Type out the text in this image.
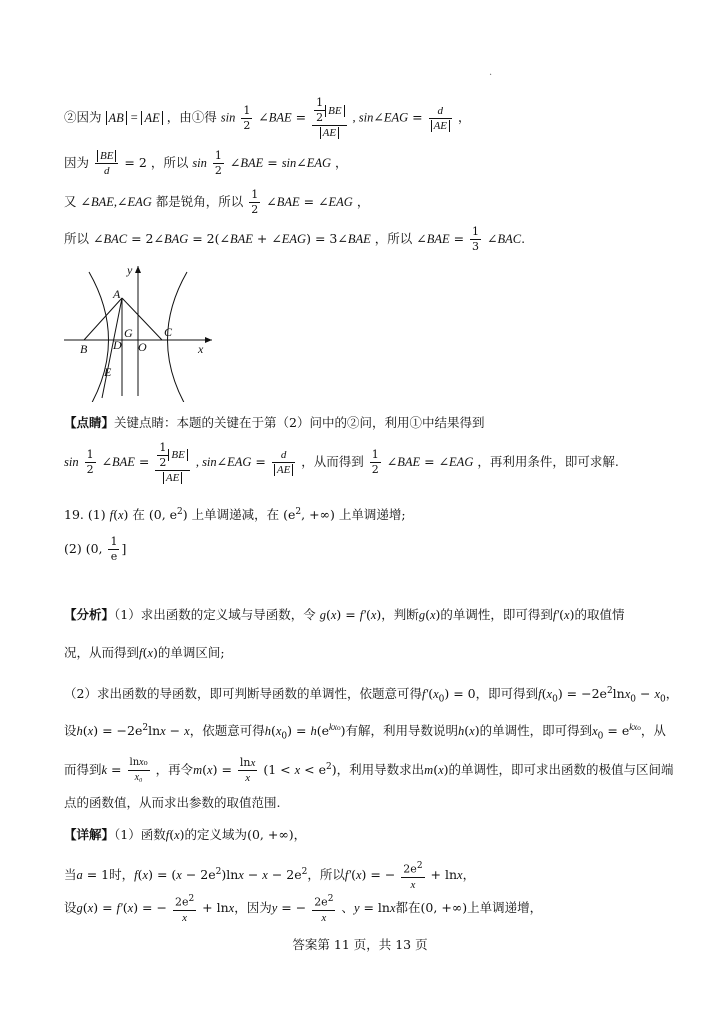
·
②因为 AB = AE ，由①得 $\sin \frac{1}{2}$ ∠BAE = $\frac{\frac{1}{2} BE}{AE}$ , sin∠EAG = $\frac{d}{AE}$ ，
因为 $\frac{BE}{d} = 2$ ，所以 $\sin \frac{1}{2}$ ∠BAE = sin∠EAG ，
又 ∠BAE,∠EAG 都是锐角，所以 $\frac{1}{2}$ ∠BAE = ∠EAG ，
所以 ∠BAC = 2∠BAG = 2(∠BAE + ∠EAG) = 3∠BAE ，所以 ∠BAE = $\frac{1}{3}$ ∠BAC.
y
A
G	C
B D O	x
E
【点睛】关键点睛：本题的关键在于第（2）问中的②问，利用①中结果得到
$\sin \frac{1}{2}$ ∠BAE = $\frac{\frac{1}{2} BE}{AE}$ , sin∠EAG = $\frac{d}{AE}$ ，从而得到 $\frac{1}{2}$ ∠BAE = ∠EAG ，再利用条件，即可求解.
19. (1) f(x) 在 (0, $e^2$) 上单调递减，在 ($e^2$, +∞) 上单调递增;
(2) (0, $\frac{1}{e}$ ]
【分析】（1）求出函数的定义域与导函数，令 g(x) = f′(x)，判断g(x)的单调性，即可得到f′(x)的取值情
况，从而得到f(x)的单调区间;
（2）求出函数的导函数，即可判断导函数的单调性，依题意可得$f'(x_0) = 0$，即可得到$f(x_0) = -2e^2\ln x_0 - x_0$，
设$h(x) = -2e^2\ln x - x$，依题意可得$h(x_0) = h(e^{kx_0})$有解，利用导数说明h(x)的单调性，即可得到$x_0 = e^{kx_0}$，从
而得到$k = \frac{\text{lnx₀}}{\text{x₀}}$ ，再令$m(x) = \frac{\ln x}{x} (1 < x < e^2)$，利用导数求出m(x)的单调性，即可求出函数的极值与区间端
点的函数值，从而求出参数的取值范围.
【详解】（1）函数f(x)的定义域为(0, +∞)，
当a = 1时，$f(x) = (x - 2e^2)\ln x - x - 2e^2$，所以f′(x) = − $\frac{2e^2}{x} + \ln x$，
设g(x) = f′(x) = − $\frac{2e^2}{x} + \ln x$，因为y = − $\frac{2e^2}{x}$ 、y = lnx都在(0, +∞)上单调递增，
答案第 11 页，共 13 页
